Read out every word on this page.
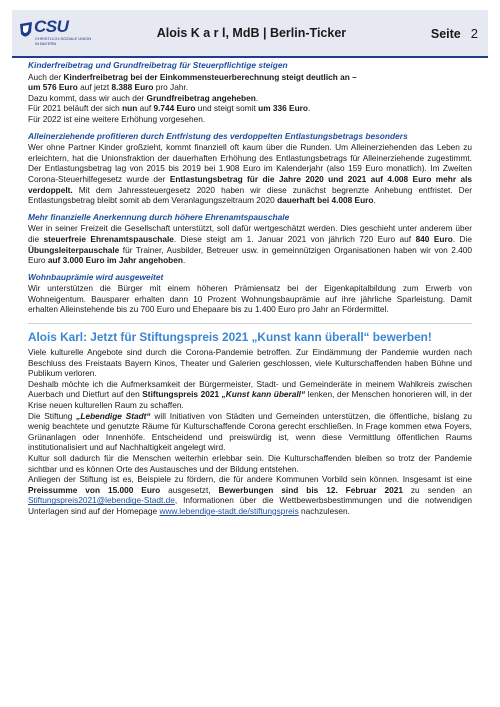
CSU
CHRISTLICH-SOZIALE UNION IN BAYERN
Alois K a r l, MdB | Berlin-Ticker	Seite 2
Kinderfreibetrag und Grundfreibetrag für Steuerpflichtige steigen

Auch der Kinderfreibetrag bei der Einkommensteuerberechnung steigt deutlich an –

um 576 Euro auf jetzt 8.388 Euro pro Jahr.

Dazu kommt, dass wir auch der Grundfreibetrag angeheben.

Für 2021 beläuft der sich nun auf 9.744 Euro und steigt somit um 336 Euro.

Für 2022 ist eine weitere Erhöhung vorgesehen.

Alleinerziehende profitieren durch Entfristung des verdoppelten Entlastungsbetrags besonders

Wer ohne Partner Kinder großzieht, kommt finanziell oft kaum über die Runden. Um Alleinerziehenden das Leben zu erleichtern, hat die Unionsfraktion der dauerhaften Erhöhung des Entlastungsbetrags für Alleinerziehende zugestimmt. Der Entlastungsbetrag lag von 2015 bis 2019 bei 1.908 Euro im Kalenderjahr (also 159 Euro monatlich). Im Zweiten Corona-Steuerhilfegesetz wurde der Entlastungsbetrag für die Jahre 2020 und 2021 auf 4.008 Euro mehr als verdoppelt. Mit dem Jahressteuergesetz 2020 haben wir diese zunächst begrenzte Anhebung entfristet. Der Entlastungsbetrag bleibt somit ab dem Veranlagungszeitraum 2020 dauerhaft bei 4.008 Euro.

Mehr finanzielle Anerkennung durch höhere Ehrenamtspauschale

Wer in seiner Freizeit die Gesellschaft unterstützt, soll dafür wertgeschätzt werden. Dies geschieht unter anderem über die steuerfreie Ehrenamtspauschale. Diese steigt am 1. Januar 2021 von jährlich 720 Euro auf 840 Euro. Die Übungsleiterpauschale für Trainer, Ausbilder, Betreuer usw. in gemeinnützigen Organisationen haben wir von 2.400 Euro auf 3.000 Euro im Jahr angehoben.

Wohnbauprämie wird ausgeweitet

Wir unterstützen die Bürger mit einem höheren Prämiensatz bei der Eigenkapitalbildung zum Erwerb von Wohneigentum. Bausparer erhalten dann 10 Prozent Wohnungsbauprämie auf ihre jährliche Sparleistung. Damit erhalten Alleinstehende bis zu 700 Euro und Ehepaare bis zu 1.400 Euro pro Jahr an Fördermittel.

Alois Karl: Jetzt für Stiftungspreis 2021 „Kunst kann überall“ bewerben!

Viele kulturelle Angebote sind durch die Corona-Pandemie betroffen. Zur Eindämmung der Pandemie wurden nach Beschluss des Freistaats Bayern Kinos, Theater und Galerien geschlossen, viele Kulturschaffenden haben Bühne und Publikum verloren.

Deshalb möchte ich die Aufmerksamkeit der Bürgermeister, Stadt- und Gemeinderäte in meinem Wahlkreis zwischen Auerbach und Dietfurt auf den Stiftungspreis 2021 „Kunst kann überall“ lenken, der Menschen honorieren will, in der Krise neuen kulturellen Raum zu schaffen.

Die Stiftung „Lebendige Stadt“ will Initiativen von Städten und Gemeinden unterstützen, die öffentliche, bislang zu wenig beachtete und genutzte Räume für Kulturschaffende Corona gerecht erschließen. In Frage kommen etwa Foyers, Grünanlagen oder Innenhöfe. Entscheidend und preiswürdig ist, wenn diese Vermittlung öffentlichen Raums institutionalisiert und auf Nachhaltigkeit angelegt wird.

Kultur soll dadurch für die Menschen weiterhin erlebbar sein. Die Kulturschaffenden bleiben so trotz der Pandemie sichtbar und es können Orte des Austausches und der Bildung entstehen.

Anliegen der Stiftung ist es, Beispiele zu fördern, die für andere Kommunen Vorbild sein können. Insgesamt ist eine Preissumme von 15.000 Euro ausgesetzt, Bewerbungen sind bis 12. Februar 2021 zu senden an Stiftungspreis2021@lebendige-Stadt.de, Informationen über die Wettbewerbsbestimmungen und die notwendigen Unterlagen sind auf der Homepage www.lebendige-stadt.de/stiftungspreis nachzulesen.
